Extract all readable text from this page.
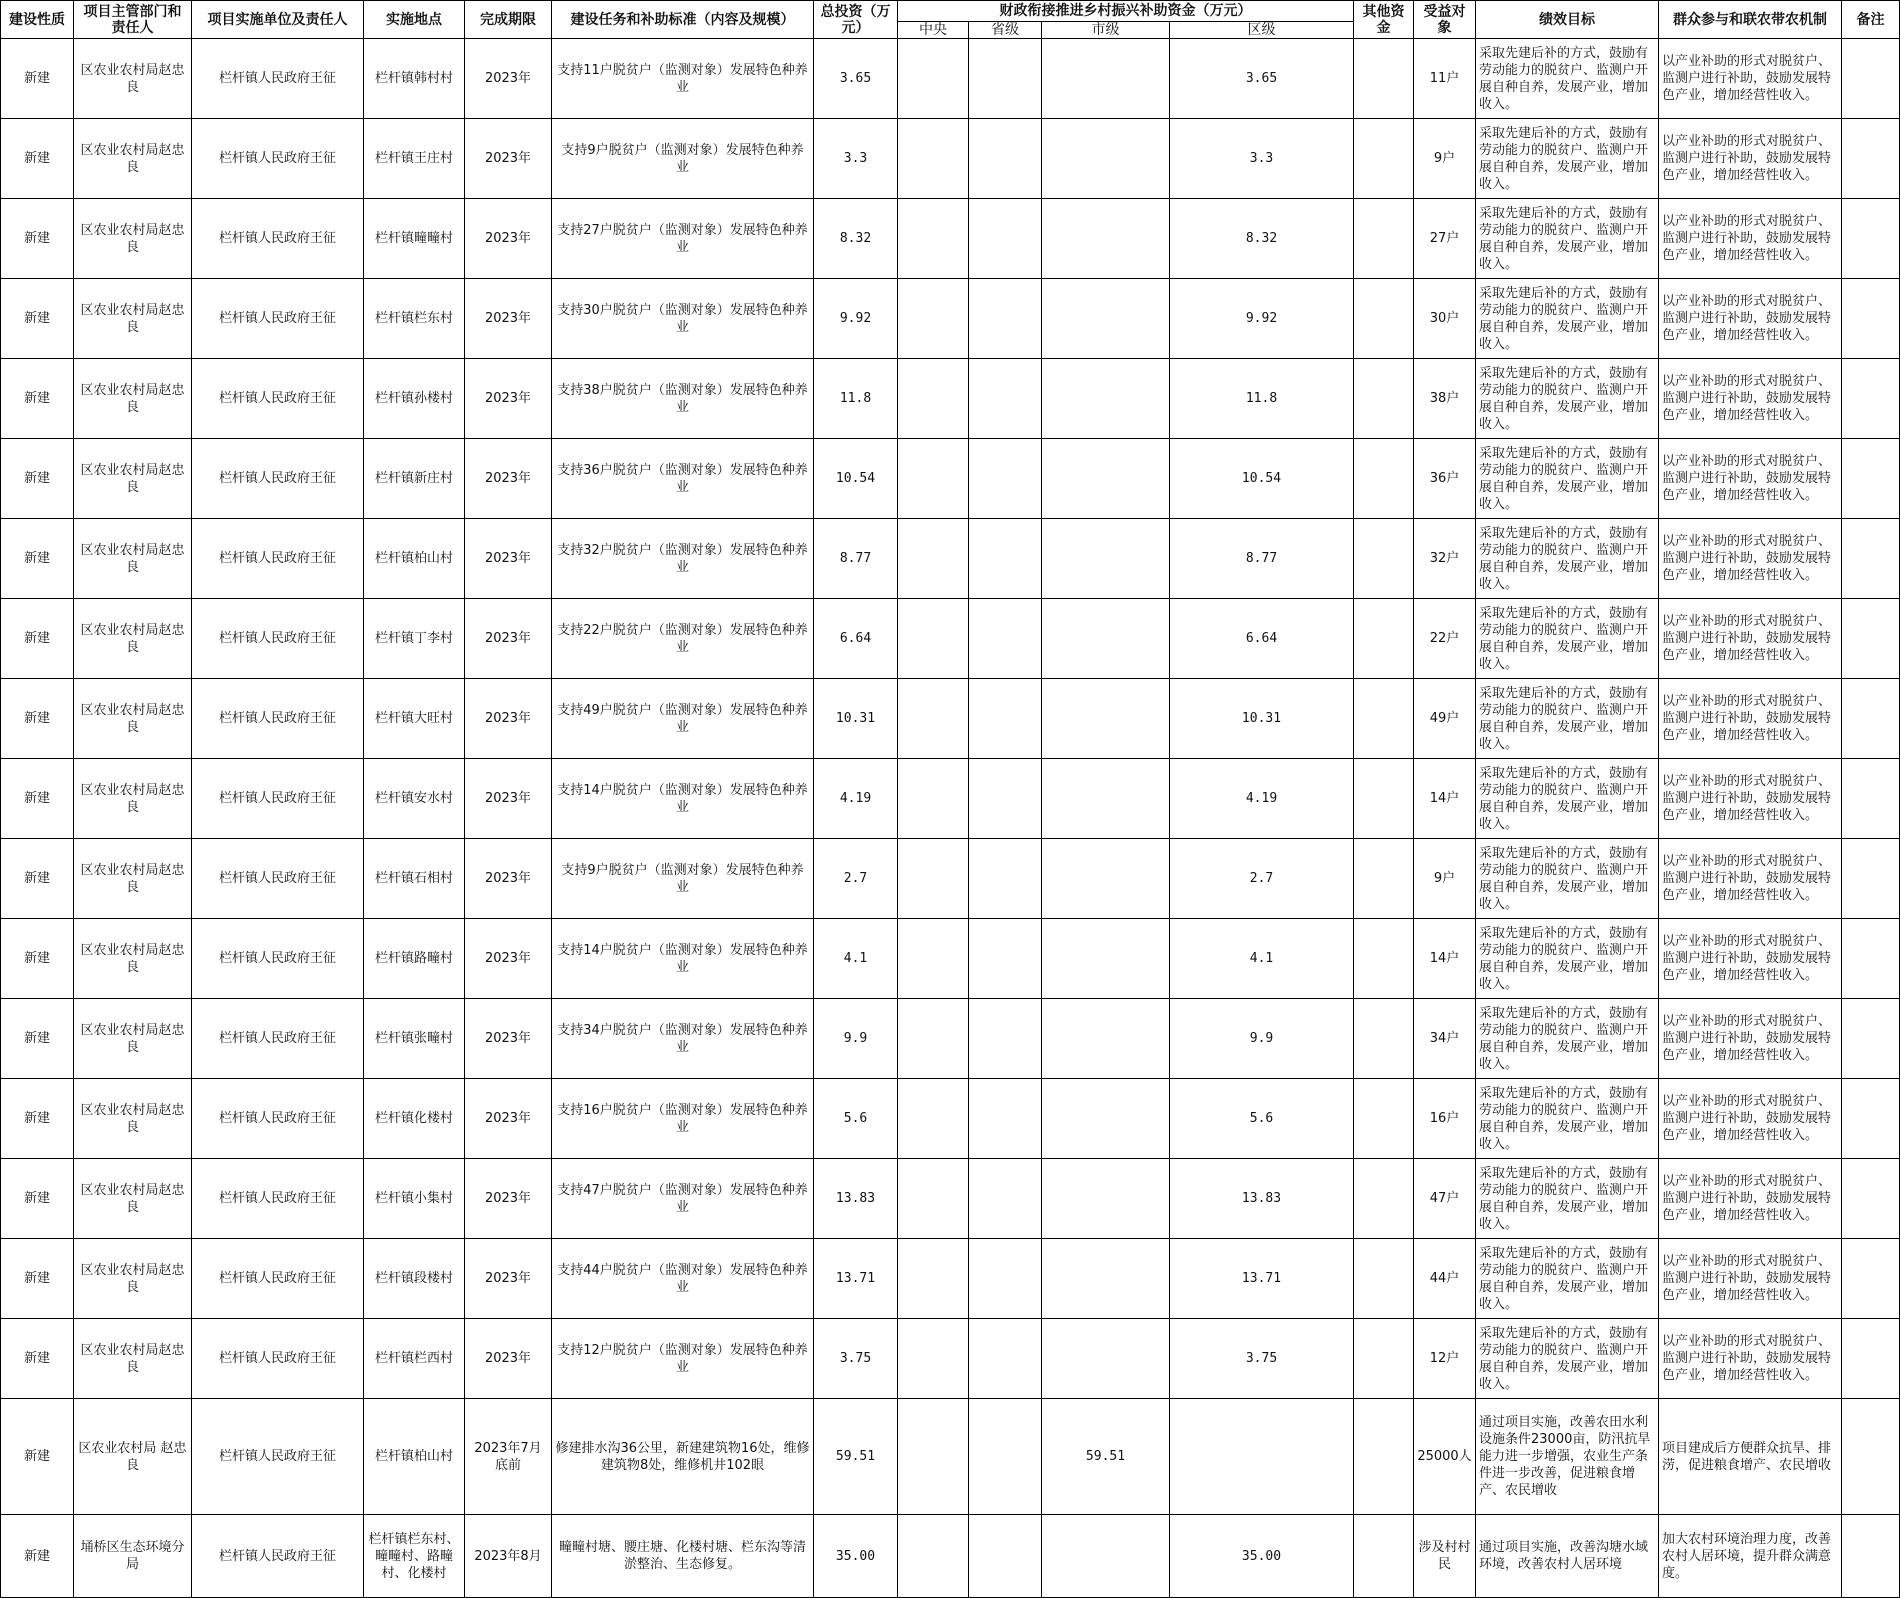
建设性质	项目主管部门和责任人	项目实施单位及责任人	实施地点	完成期限	建设任务和补助标准（内容及规模）	总投资（万元）	财政衔接推进乡村振兴补助资金（万元）				其他资金	受益对象	绩效目标	群众参与和联农带农机制	备注
							中央	省级	市级	区级					
新建	区农业农村局赵忠良	栏杆镇人民政府王征	栏杆镇韩村村	2023年	支持11户脱贫户（监测对象）发展特色种养业	3.65				3.65		11户	采取先建后补的方式，鼓励有劳动能力的脱贫户、监测户开展自种自养，发展产业，增加收入。	以产业补助的形式对脱贫户、监测户进行补助，鼓励发展特色产业，增加经营性收入。	
新建	区农业农村局赵忠良	栏杆镇人民政府王征	栏杆镇王庄村	2023年	支持9户脱贫户（监测对象）发展特色种养业	3.3				3.3		9户	采取先建后补的方式，鼓励有劳动能力的脱贫户、监测户开展自种自养，发展产业，增加收入。	以产业补助的形式对脱贫户、监测户进行补助，鼓励发展特色产业，增加经营性收入。	
新建	区农业农村局赵忠良	栏杆镇人民政府王征	栏杆镇疃疃村	2023年	支持27户脱贫户（监测对象）发展特色种养业	8.32				8.32		27户	采取先建后补的方式，鼓励有劳动能力的脱贫户、监测户开展自种自养，发展产业，增加收入。	以产业补助的形式对脱贫户、监测户进行补助，鼓励发展特色产业，增加经营性收入。	
新建	区农业农村局赵忠良	栏杆镇人民政府王征	栏杆镇栏东村	2023年	支持30户脱贫户（监测对象）发展特色种养业	9.92				9.92		30户	采取先建后补的方式，鼓励有劳动能力的脱贫户、监测户开展自种自养，发展产业，增加收入。	以产业补助的形式对脱贫户、监测户进行补助，鼓励发展特色产业，增加经营性收入。	
新建	区农业农村局赵忠良	栏杆镇人民政府王征	栏杆镇孙楼村	2023年	支持38户脱贫户（监测对象）发展特色种养业	11.8				11.8		38户	采取先建后补的方式，鼓励有劳动能力的脱贫户、监测户开展自种自养，发展产业，增加收入。	以产业补助的形式对脱贫户、监测户进行补助，鼓励发展特色产业，增加经营性收入。	
新建	区农业农村局赵忠良	栏杆镇人民政府王征	栏杆镇新庄村	2023年	支持36户脱贫户（监测对象）发展特色种养业	10.54				10.54		36户	采取先建后补的方式，鼓励有劳动能力的脱贫户、监测户开展自种自养，发展产业，增加收入。	以产业补助的形式对脱贫户、监测户进行补助，鼓励发展特色产业，增加经营性收入。	
新建	区农业农村局赵忠良	栏杆镇人民政府王征	栏杆镇柏山村	2023年	支持32户脱贫户（监测对象）发展特色种养业	8.77				8.77		32户	采取先建后补的方式，鼓励有劳动能力的脱贫户、监测户开展自种自养，发展产业，增加收入。	以产业补助的形式对脱贫户、监测户进行补助，鼓励发展特色产业，增加经营性收入。	
新建	区农业农村局赵忠良	栏杆镇人民政府王征	栏杆镇丁李村	2023年	支持22户脱贫户（监测对象）发展特色种养业	6.64				6.64		22户	采取先建后补的方式，鼓励有劳动能力的脱贫户、监测户开展自种自养，发展产业，增加收入。	以产业补助的形式对脱贫户、监测户进行补助，鼓励发展特色产业，增加经营性收入。	
新建	区农业农村局赵忠良	栏杆镇人民政府王征	栏杆镇大旺村	2023年	支持49户脱贫户（监测对象）发展特色种养业	10.31				10.31		49户	采取先建后补的方式，鼓励有劳动能力的脱贫户、监测户开展自种自养，发展产业，增加收入。	以产业补助的形式对脱贫户、监测户进行补助，鼓励发展特色产业，增加经营性收入。	
新建	区农业农村局赵忠良	栏杆镇人民政府王征	栏杆镇安水村	2023年	支持14户脱贫户（监测对象）发展特色种养业	4.19				4.19		14户	采取先建后补的方式，鼓励有劳动能力的脱贫户、监测户开展自种自养，发展产业，增加收入。	以产业补助的形式对脱贫户、监测户进行补助，鼓励发展特色产业，增加经营性收入。	
新建	区农业农村局赵忠良	栏杆镇人民政府王征	栏杆镇石相村	2023年	支持9户脱贫户（监测对象）发展特色种养业	2.7				2.7		9户	采取先建后补的方式，鼓励有劳动能力的脱贫户、监测户开展自种自养，发展产业，增加收入。	以产业补助的形式对脱贫户、监测户进行补助，鼓励发展特色产业，增加经营性收入。	
新建	区农业农村局赵忠良	栏杆镇人民政府王征	栏杆镇路疃村	2023年	支持14户脱贫户（监测对象）发展特色种养业	4.1				4.1		14户	采取先建后补的方式，鼓励有劳动能力的脱贫户、监测户开展自种自养，发展产业，增加收入。	以产业补助的形式对脱贫户、监测户进行补助，鼓励发展特色产业，增加经营性收入。	
新建	区农业农村局赵忠良	栏杆镇人民政府王征	栏杆镇张疃村	2023年	支持34户脱贫户（监测对象）发展特色种养业	9.9				9.9		34户	采取先建后补的方式，鼓励有劳动能力的脱贫户、监测户开展自种自养，发展产业，增加收入。	以产业补助的形式对脱贫户、监测户进行补助，鼓励发展特色产业，增加经营性收入。	
新建	区农业农村局赵忠良	栏杆镇人民政府王征	栏杆镇化楼村	2023年	支持16户脱贫户（监测对象）发展特色种养业	5.6				5.6		16户	采取先建后补的方式，鼓励有劳动能力的脱贫户、监测户开展自种自养，发展产业，增加收入。	以产业补助的形式对脱贫户、监测户进行补助，鼓励发展特色产业，增加经营性收入。	
新建	区农业农村局赵忠良	栏杆镇人民政府王征	栏杆镇小集村	2023年	支持47户脱贫户（监测对象）发展特色种养业	13.83				13.83		47户	采取先建后补的方式，鼓励有劳动能力的脱贫户、监测户开展自种自养，发展产业，增加收入。	以产业补助的形式对脱贫户、监测户进行补助，鼓励发展特色产业，增加经营性收入。	
新建	区农业农村局赵忠良	栏杆镇人民政府王征	栏杆镇段楼村	2023年	支持44户脱贫户（监测对象）发展特色种养业	13.71				13.71		44户	采取先建后补的方式，鼓励有劳动能力的脱贫户、监测户开展自种自养，发展产业，增加收入。	以产业补助的形式对脱贫户、监测户进行补助，鼓励发展特色产业，增加经营性收入。	
新建	区农业农村局赵忠良	栏杆镇人民政府王征	栏杆镇栏西村	2023年	支持12户脱贫户（监测对象）发展特色种养业	3.75				3.75		12户	采取先建后补的方式，鼓励有劳动能力的脱贫户、监测户开展自种自养，发展产业，增加收入。	以产业补助的形式对脱贫户、监测户进行补助，鼓励发展特色产业，增加经营性收入。	
新建	区农业农村局 赵忠良	栏杆镇人民政府王征	栏杆镇柏山村	2023年7月底前	修建排水沟36公里，新建建筑物16处，维修建筑物8处，维修机井102眼	59.51			59.51			25000人	通过项目实施，改善农田水利设施条件23000亩，防汛抗旱能力进一步增强，农业生产条件进一步改善，促进粮食增产、农民增收	项目建成后方便群众抗旱、排涝，促进粮食增产、农民增收	
新建	埇桥区生态环境分局	栏杆镇人民政府王征	栏杆镇栏东村、疃疃村、路疃村、化楼村	2023年8月	疃疃村塘、腰庄塘、化楼村塘、栏东沟等清淤整治、生态修复。	35.00				35.00		涉及村村民	通过项目实施，改善沟塘水域环境，改善农村人居环境	加大农村环境治理力度，改善农村人居环境，提升群众满意度。	
